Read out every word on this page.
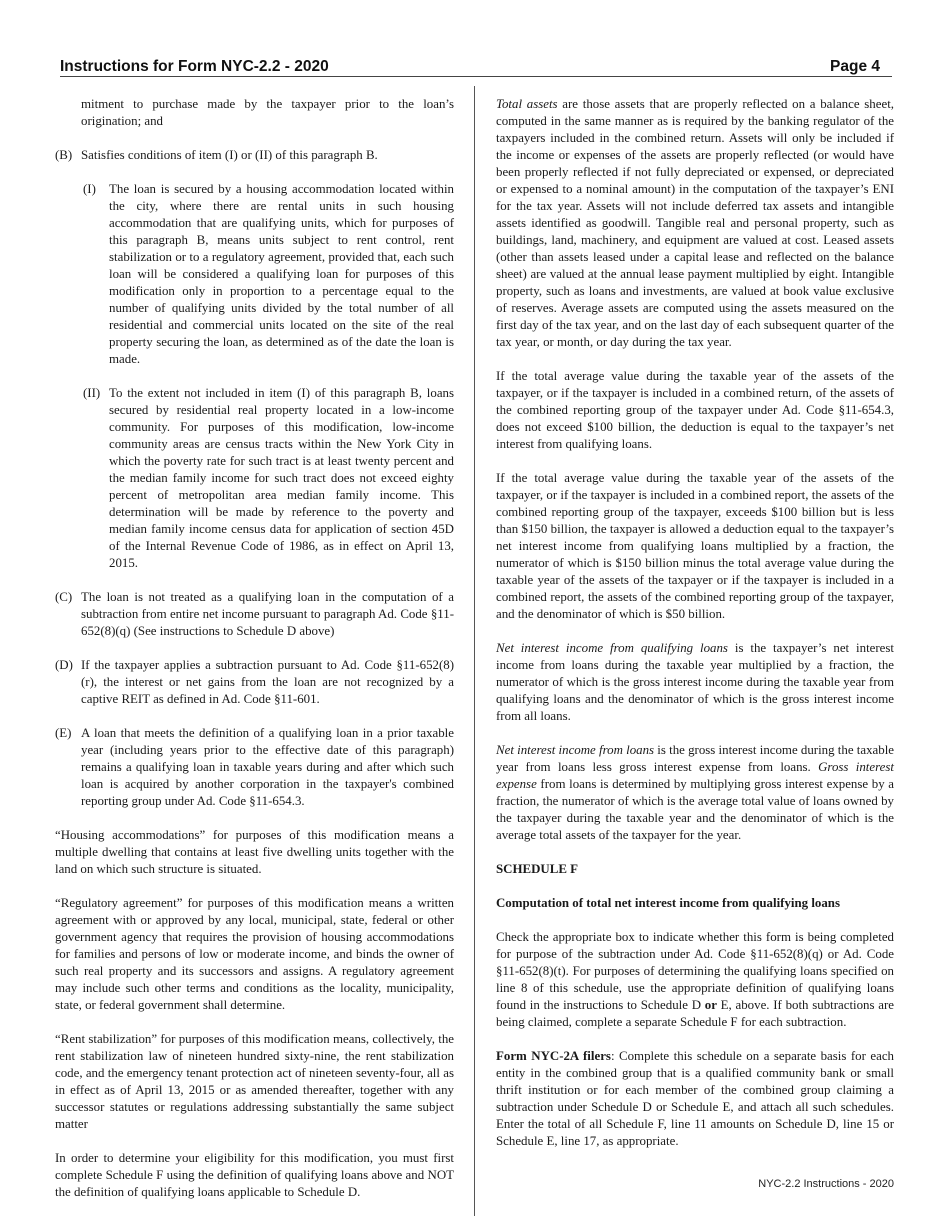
Instructions for Form NYC-2.2 - 2020	Page 4

mitment to purchase made by the taxpayer prior to the loan’s origination; and

(B) Satisfies conditions of item (I) or (II) of this paragraph B.
(I)	The loan is secured by a housing accommodation located within the city, where there are rental units in such housing accommodation that are qualifying units, which for purposes of this paragraph B, means units subject to rent control, rent stabilization or to a regulatory agreement, provided that, each such loan will be considered a qualifying loan for purposes of this modification only in proportion to a percentage equal to the number of qualifying units divided by the total number of all residential and commercial units located on the site of the real property securing the loan, as determined as of the date the loan is made.
(II) To the extent not included in item (I) of this paragraph B, loans secured by residential real property located in a low-income community. For purposes of this modification, low-income community areas are census tracts within the New York City in which the poverty rate for such tract is at least twenty percent and the median family income for such tract does not exceed eighty percent of metropolitan area median family income. This determination will be made by reference to the poverty and median family income census data for application of section 45D of the Internal Revenue Code of 1986, as in effect on April 13, 2015.
(C) The loan is not treated as a qualifying loan in the computation of a subtraction from entire net income pursuant to paragraph Ad. Code §11-652(8)(q) (See instructions to Schedule D above)
(D) If the taxpayer applies a subtraction pursuant to Ad. Code §11-652(8)(r), the interest or net gains from the loan are not recognized by a captive REIT as defined in Ad. Code §11-601.
(E) A loan that meets the definition of a qualifying loan in a prior taxable year (including years prior to the effective date of this paragraph) remains a qualifying loan in taxable years during and after which such loan is acquired by another corporation in the taxpayer's combined reporting group under Ad. Code §11-654.3.

“Housing accommodations” for purposes of this modification means a multiple dwelling that contains at least five dwelling units together with the land on which such structure is situated.

“Regulatory agreement” for purposes of this modification means a written agreement with or approved by any local, municipal, state, federal or other government agency that requires the provision of housing accommodations for families and persons of low or moderate income, and binds the owner of such real property and its successors and assigns. A regulatory agreement may include such other terms and conditions as the locality, municipality, state, or federal government shall determine.

“Rent stabilization” for purposes of this modification means, collectively, the rent stabilization law of nineteen hundred sixty-nine, the rent stabilization code, and the emergency tenant protection act of nineteen seventy-four, all as in effect as of April 13, 2015 or as amended thereafter, together with any successor statutes or regulations addressing substantially the same subject matter

In order to determine your eligibility for this modification, you must first complete Schedule F using the definition of qualifying loans above and NOT the definition of qualifying loans applicable to Schedule D.

Total assets are those assets that are properly reflected on a balance sheet, computed in the same manner as is required by the banking regulator of the taxpayers included in the combined return. Assets will only be included if the income or expenses of the assets are properly reflected (or would have been properly reflected if not fully depreciated or expensed, or depreciated or expensed to a nominal amount) in the computation of the taxpayer’s ENI for the tax year. Assets will not include deferred tax assets and intangible assets identified as goodwill. Tangible real and personal property, such as buildings, land, machinery, and equipment are valued at cost. Leased assets (other than assets leased under a capital lease and reflected on the balance sheet) are valued at the annual lease payment multiplied by eight. Intangible property, such as loans and investments, are valued at book value exclusive of reserves. Average assets are computed using the assets measured on the first day of the tax year, and on the last day of each subsequent quarter of the tax year, or month, or day during the tax year.

If the total average value during the taxable year of the assets of the taxpayer, or if the taxpayer is included in a combined return, of the assets of the combined reporting group of the taxpayer under Ad. Code §11-654.3, does not exceed $100 billion, the deduction is equal to the taxpayer’s net interest from qualifying loans.

If the total average value during the taxable year of the assets of the taxpayer, or if the taxpayer is included in a combined report, the assets of the combined reporting group of the taxpayer, exceeds $100 billion but is less than $150 billion, the taxpayer is allowed a deduction equal to the taxpayer’s net interest income from qualifying loans multiplied by a fraction, the numerator of which is $150 billion minus the total average value during the taxable year of the assets of the taxpayer or if the taxpayer is included in a combined report, the assets of the combined reporting group of the taxpayer, and the denominator of which is $50 billion.

Net interest income from qualifying loans is the taxpayer’s net interest income from loans during the taxable year multiplied by a fraction, the numerator of which is the gross interest income during the taxable year from qualifying loans and the denominator of which is the gross interest income from all loans.

Net interest income from loans is the gross interest income during the taxable year from loans less gross interest expense from loans. Gross interest expense from loans is determined by multiplying gross interest expense by a fraction, the numerator of which is the average total value of loans owned by the taxpayer during the taxable year and the denominator of which is the average total assets of the taxpayer for the year.

SCHEDULE F

Computation of total net interest income from qualifying loans

Check the appropriate box to indicate whether this form is being completed for purpose of the subtraction under Ad. Code §11-652(8)(q) or Ad. Code §11-652(8)(t). For purposes of determining the qualifying loans specified on line 8 of this schedule, use the appropriate definition of qualifying loans found in the instructions to Schedule D or E, above. If both subtractions are being claimed, complete a separate Schedule F for each subtraction.

Form NYC-2A filers: Complete this schedule on a separate basis for each entity in the combined group that is a qualified community bank or small thrift institution or for each member of the combined group claiming a subtraction under Schedule D or Schedule E, and attach all such schedules. Enter the total of all Schedule F, line 11 amounts on Schedule D, line 15 or Schedule E, line 17, as appropriate.

NYC-2.2 Instructions - 2020
